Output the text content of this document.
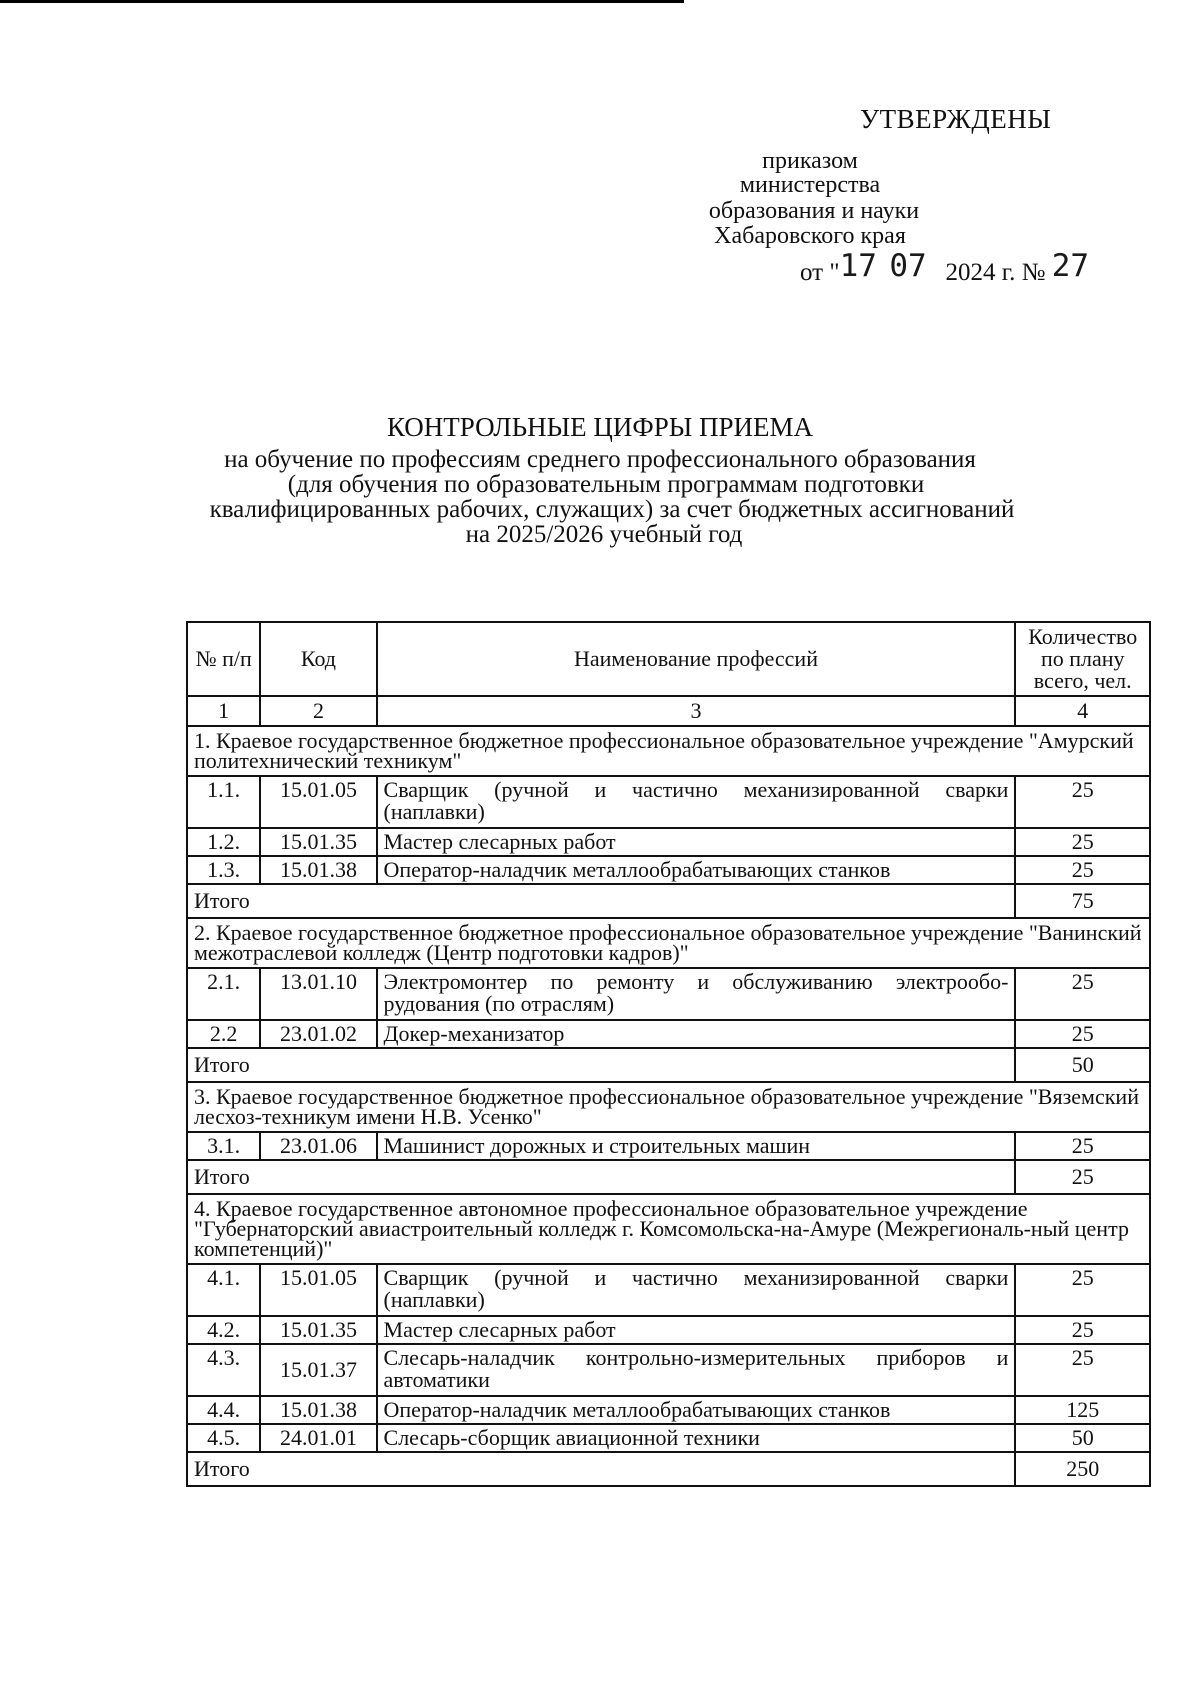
УТВЕРЖДЕНЫ
приказом
министерства
образования и науки
Хабаровского края
от "17 07 2024 г. № 27
КОНТРОЛЬНЫЕ ЦИФРЫ ПРИЕМА
на обучение по профессиям среднего профессионального образования
(для обучения по образовательным программам подготовки
квалифицированных рабочих, служащих) за счет бюджетных ассигнований
на 2025/2026 учебный год
№ п/п	Код	Наименование профессий	Количество по плану всего, чел.
1	2	3	4
1. Краевое государственное бюджетное профессиональное образовательное учреждение "Амурский политехнический техникум"			
1.1.	15.01.05	Сварщик (ручной и частично механизированной сварки (наплавки)	25
1.2.	15.01.35	Мастер слесарных работ	25
1.3.	15.01.38	Оператор-наладчик металлообрабатывающих станков	25
Итого			75
2. Краевое государственное бюджетное профессиональное образовательное учреждение "Ванинский межотраслевой колледж (Центр подготовки кадров)"			
2.1.	13.01.10	Электромонтер по ремонту и обслуживанию электрообо-рудования (по отраслям)	25
2.2	23.01.02	Докер-механизатор	25
Итого			50
3. Краевое государственное бюджетное профессиональное образовательное учреждение "Вяземский лесхоз-техникум имени Н.В. Усенко"			
3.1.	23.01.06	Машинист дорожных и строительных машин	25
Итого			25
4. Краевое государственное автономное профессиональное образовательное учреждение "Губернаторский авиастроительный колледж г. Комсомольска-на-Амуре (Межрегиональ-ный центр компетенций)"			
4.1.	15.01.05	Сварщик (ручной и частично механизированной сварки (наплавки)	25
4.2.	15.01.35	Мастер слесарных работ	25
4.3.	15.01.37	Слесарь-наладчик контрольно-измерительных приборов и автоматики	25
4.4.	15.01.38	Оператор-наладчик металлообрабатывающих станков	125
4.5.	24.01.01	Слесарь-сборщик авиационной техники	50
Итого			250
